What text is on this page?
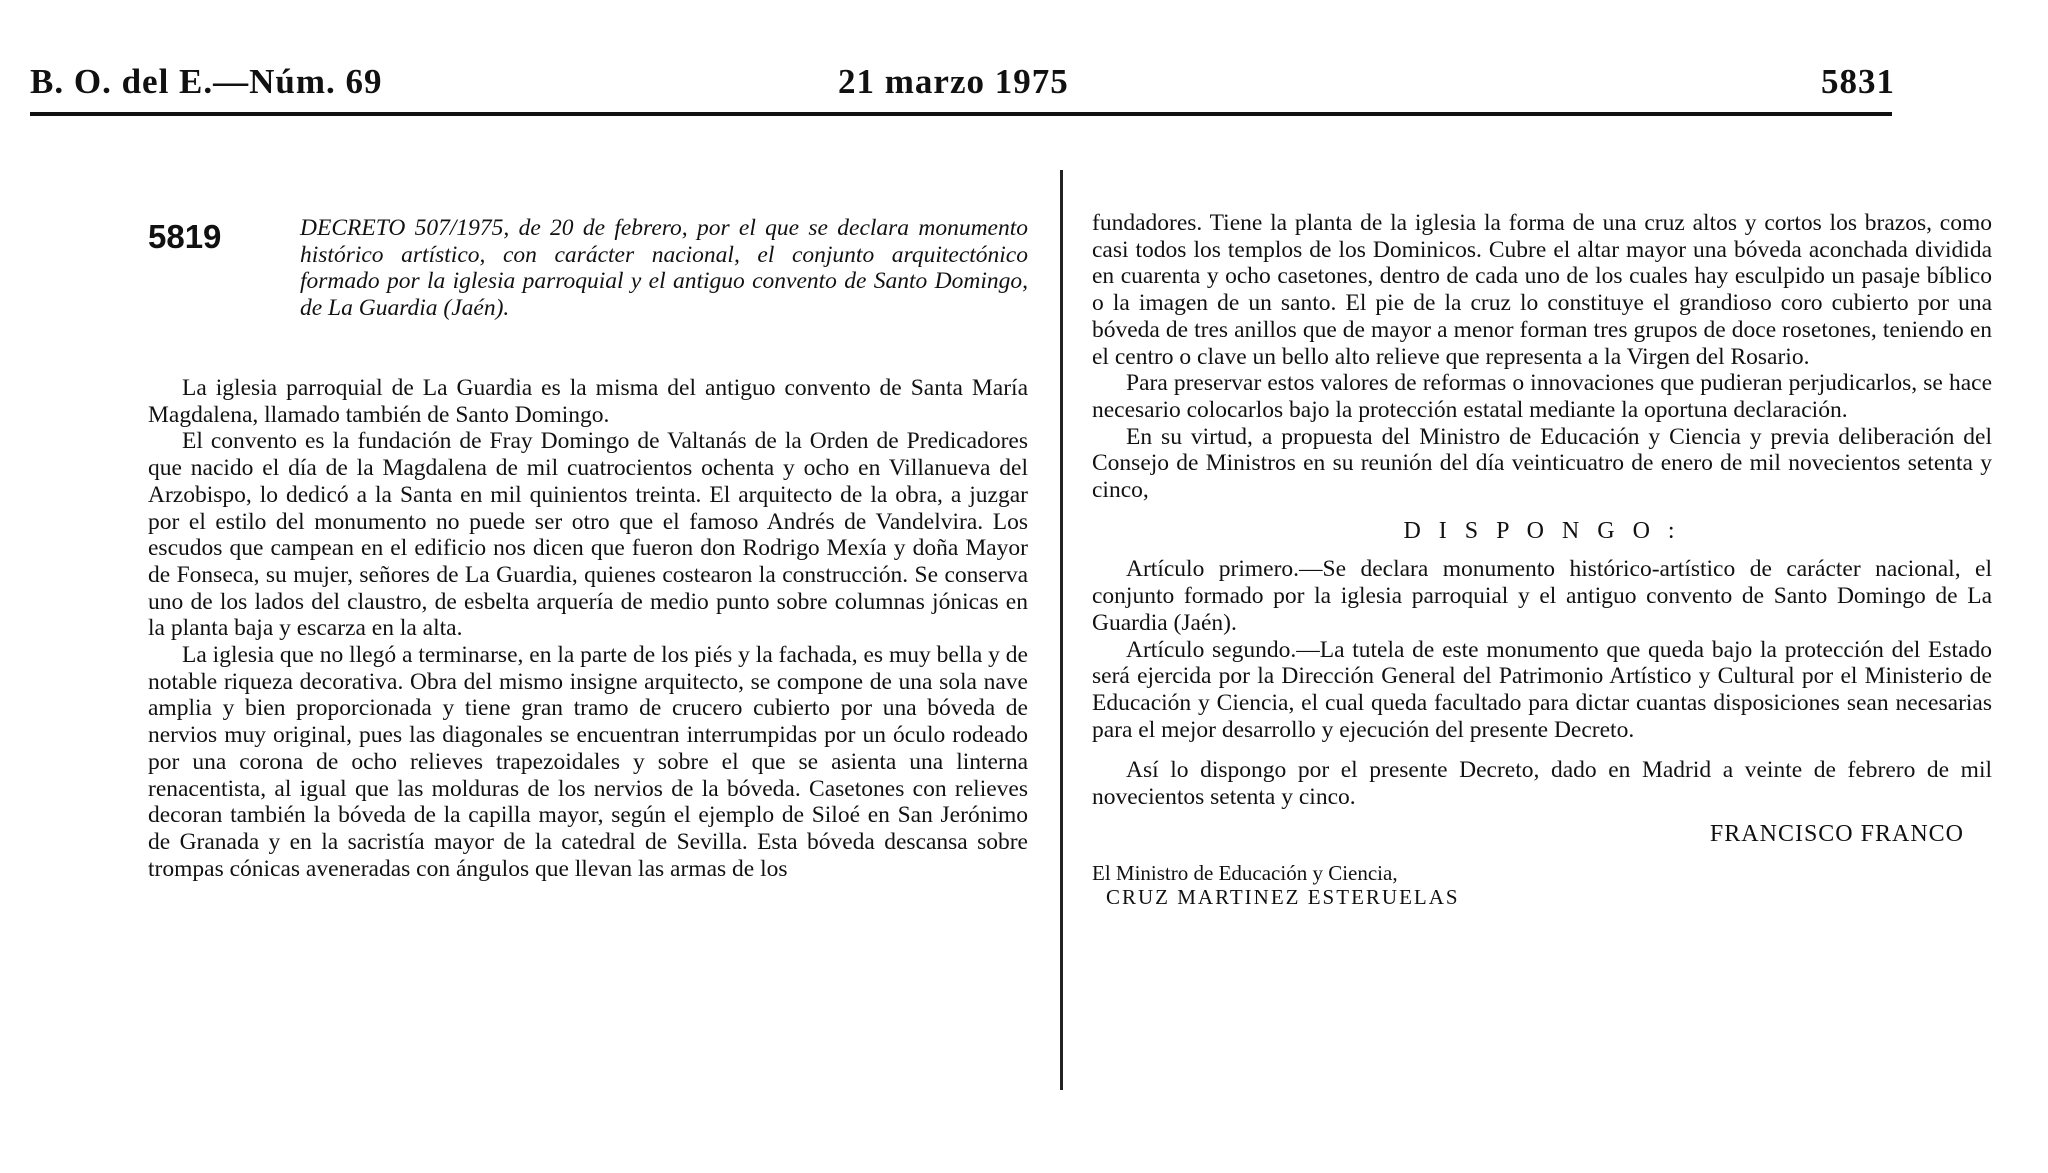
B. O. del E.—Núm. 69	21 marzo 1975	5831
5819	DECRETO 507/1975, de 20 de febrero, por el que se declara monumento histórico artístico, con carácter nacional, el conjunto arquitectónico formado por la iglesia parroquial y el antiguo convento de Santo Domingo, de La Guardia (Jaén).

La iglesia parroquial de La Guardia es la misma del antiguo convento de Santa María Magdalena, llamado también de Santo Domingo.

El convento es la fundación de Fray Domingo de Valtanás de la Orden de Predicadores que nacido el día de la Magdalena de mil cuatrocientos ochenta y ocho en Villanueva del Arzobispo, lo dedicó a la Santa en mil quinientos treinta. El arquitecto de la obra, a juzgar por el estilo del monumento no puede ser otro que el famoso Andrés de Vandelvira. Los escudos que campean en el edificio nos dicen que fueron don Rodrigo Mexía y doña Mayor de Fonseca, su mujer, señores de La Guardia, quienes costearon la construcción. Se conserva uno de los lados del claustro, de esbelta arquería de medio punto sobre columnas jónicas en la planta baja y escarza en la alta.

La iglesia que no llegó a terminarse, en la parte de los piés y la fachada, es muy bella y de notable riqueza decorativa. Obra del mismo insigne arquitecto, se compone de una sola nave amplia y bien proporcionada y tiene gran tramo de crucero cubierto por una bóveda de nervios muy original, pues las diagonales se encuentran interrumpidas por un óculo rodeado por una corona de ocho relieves trapezoidales y sobre el que se asienta una linterna renacentista, al igual que las molduras de los nervios de la bóveda. Casetones con relieves decoran también la bóveda de la capilla mayor, según el ejemplo de Siloé en San Jerónimo de Granada y en la sacristía mayor de la catedral de Sevilla. Esta bóveda descansa sobre trompas cónicas aveneradas con ángulos que llevan las armas de los

fundadores. Tiene la planta de la iglesia la forma de una cruz altos y cortos los brazos, como casi todos los templos de los Dominicos. Cubre el altar mayor una bóveda aconchada dividida en cuarenta y ocho casetones, dentro de cada uno de los cuales hay esculpido un pasaje bíblico o la imagen de un santo. El pie de la cruz lo constituye el grandioso coro cubierto por una bóveda de tres anillos que de mayor a menor forman tres grupos de doce rosetones, teniendo en el centro o clave un bello alto relieve que representa a la Virgen del Rosario.

Para preservar estos valores de reformas o innovaciones que pudieran perjudicarlos, se hace necesario colocarlos bajo la protección estatal mediante la oportuna declaración.

En su virtud, a propuesta del Ministro de Educación y Ciencia y previa deliberación del Consejo de Ministros en su reunión del día veinticuatro de enero de mil novecientos setenta y cinco,

D I S P O N G O :

Artículo primero.—Se declara monumento histórico-artístico de carácter nacional, el conjunto formado por la iglesia parroquial y el antiguo convento de Santo Domingo de La Guardia (Jaén).

Artículo segundo.—La tutela de este monumento que queda bajo la protección del Estado será ejercida por la Dirección General del Patrimonio Artístico y Cultural por el Ministerio de Educación y Ciencia, el cual queda facultado para dictar cuantas disposiciones sean necesarias para el mejor desarrollo y ejecución del presente Decreto.

Así lo dispongo por el presente Decreto, dado en Madrid a veinte de febrero de mil novecientos setenta y cinco.

FRANCISCO FRANCO
El Ministro de Educación y Ciencia,
CRUZ MARTINEZ ESTERUELAS
